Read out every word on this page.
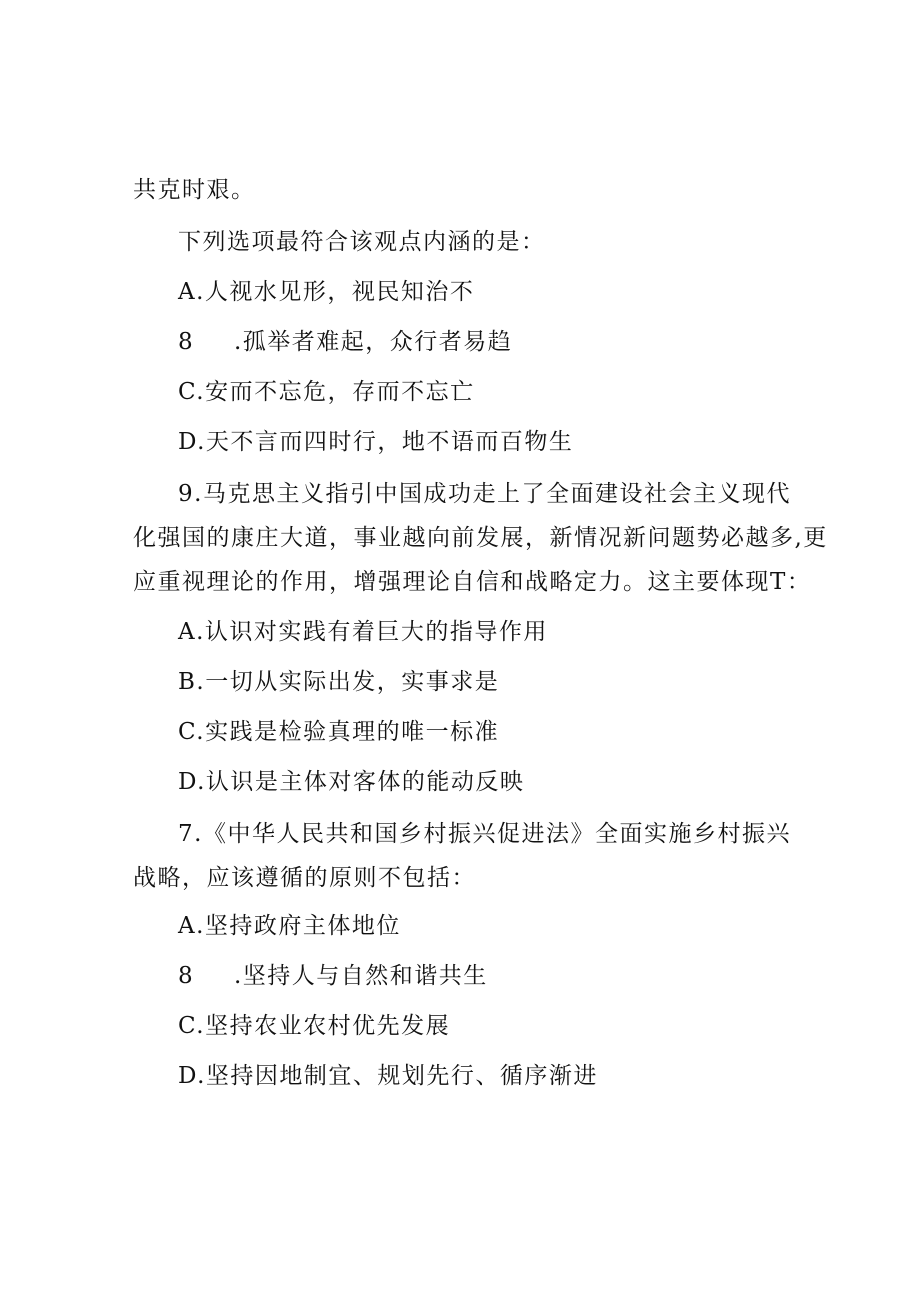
共克时艰。
下列选项最符合该观点内涵的是：
A.人视水见形，视民知治不
8 .孤举者难起，众行者易趋
C.安而不忘危，存而不忘亡
D.天不言而四时行，地不语而百物生
9.马克思主义指引中国成功走上了全面建设社会主义现代
化强国的康庄大道，事业越向前发展，新情况新问题势必越多,更
应重视理论的作用，增强理论自信和战略定力。这主要体现T：
A.认识对实践有着巨大的指导作用
B.一切从实际出发，实事求是
C.实践是检验真理的唯一标准
D.认识是主体对客体的能动反映
7.《中华人民共和国乡村振兴促进法》全面实施乡村振兴
战略，应该遵循的原则不包括：
A.坚持政府主体地位
8 .坚持人与自然和谐共生
C.坚持农业农村优先发展
D.坚持因地制宜、规划先行、循序渐进
